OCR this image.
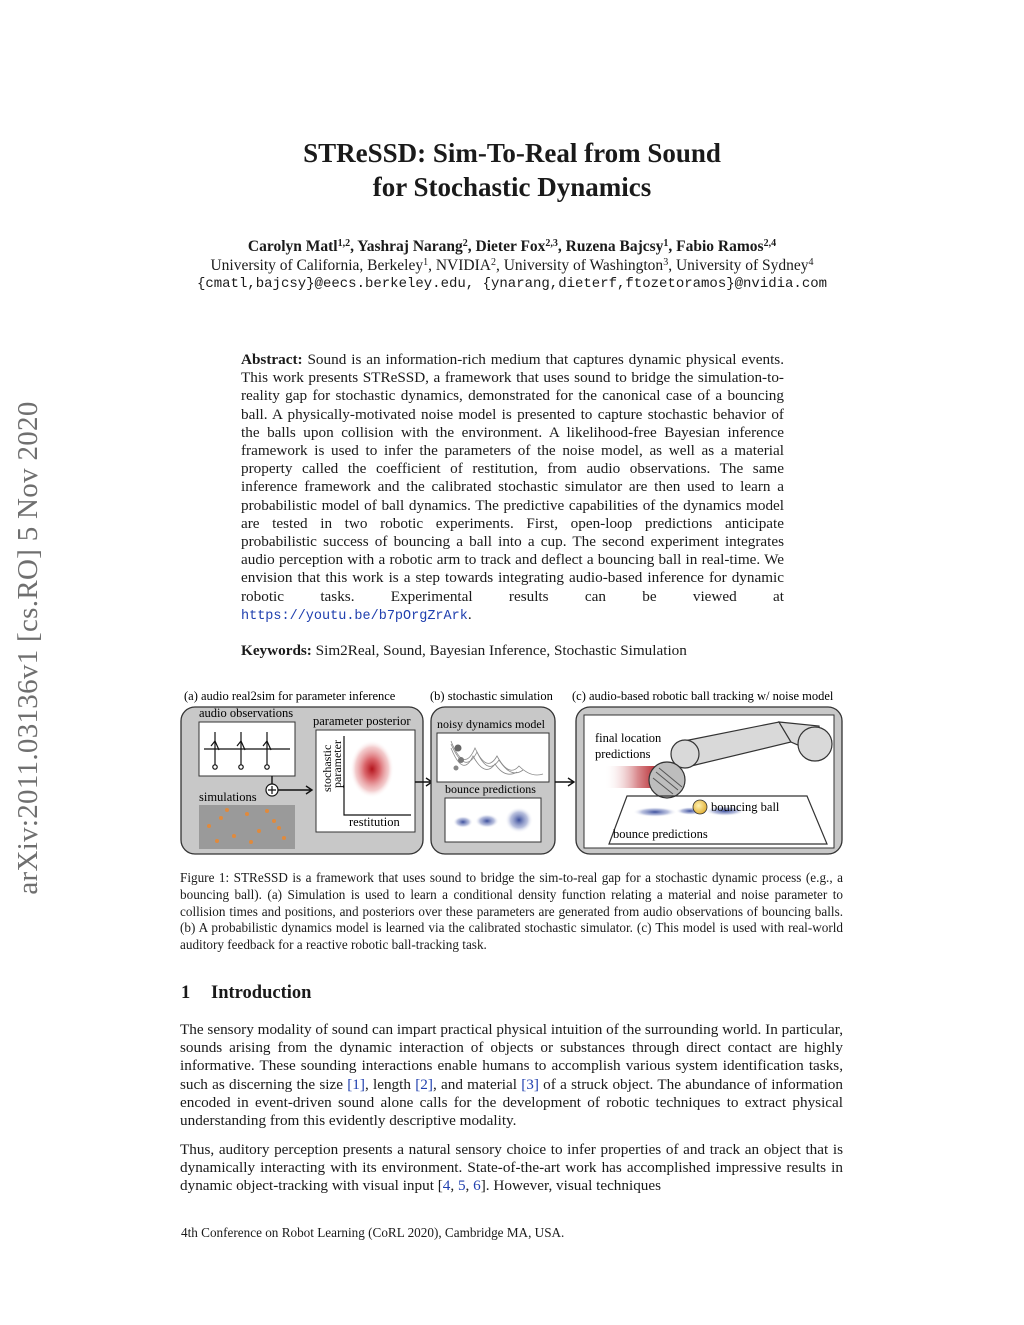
arXiv:2011.03136v1 [cs.RO] 5 Nov 2020
STReSSD: Sim-To-Real from Sound
for Stochastic Dynamics
Carolyn Matl$^{1,2}$, Yashraj Narang$^2$, Dieter Fox$^{2,3}$, Ruzena Bajcsy$^1$, Fabio Ramos$^{2,4}$
University of California, Berkeley$^1$, NVIDIA$^2$, University of Washington$^3$, University of Sydney$^4$
{cmatl,bajcsy}@eecs.berkeley.edu, {ynarang,dieterf,ftozetoramos}@nvidia.com
Abstract: Sound is an information-rich medium that captures dynamic physical events. This work presents STReSSD, a framework that uses sound to bridge the simulation-to-reality gap for stochastic dynamics, demonstrated for the canonical case of a bouncing ball. A physically-motivated noise model is presented to capture stochastic behavior of the balls upon collision with the environment. A likelihood-free Bayesian inference framework is used to infer the parameters of the noise model, as well as a material property called the coefficient of restitution, from audio observations. The same inference framework and the calibrated stochastic simulator are then used to learn a probabilistic model of ball dynamics. The predictive capabilities of the dynamics model are tested in two robotic experiments. First, open-loop predictions anticipate probabilistic success of bouncing a ball into a cup. The second experiment integrates audio perception with a robotic arm to track and deflect a bouncing ball in real-time. We envision that this work is a step towards integrating audio-based inference for dynamic robotic tasks. Experimental results can be viewed at https://youtu.be/b7pOrgZrArk.
Keywords: Sim2Real, Sound, Bayesian Inference, Stochastic Simulation
(a) audio real2sim for parameter inference	(b) stochastic simulation (c) audio-based robotic ball tracking w/ noise model
audio observations
simulations
parameter posterior
stochastic
parameter
restitution
noisy dynamics model
bounce predictions
final location
predictions
bouncing ball
bounce predictions
Figure 1: STReSSD is a framework that uses sound to bridge the sim-to-real gap for a stochastic dynamic process (e.g., a bouncing ball). (a) Simulation is used to learn a conditional density function relating a material and noise parameter to collision times and positions, and posteriors over these parameters are generated from audio observations of bouncing balls. (b) A probabilistic dynamics model is learned via the calibrated stochastic simulator. (c) This model is used with real-world auditory feedback for a reactive robotic ball-tracking task.
1 Introduction
The sensory modality of sound can impart practical physical intuition of the surrounding world. In particular, sounds arising from the dynamic interaction of objects or substances through direct contact are highly informative. These sounding interactions enable humans to accomplish various system identification tasks, such as discerning the size [1], length [2], and material [3] of a struck object. The abundance of information encoded in event-driven sound alone calls for the development of robotic techniques to extract physical understanding from this evidently descriptive modality.
Thus, auditory perception presents a natural sensory choice to infer properties of and track an object that is dynamically interacting with its environment. State-of-the-art work has accomplished impressive results in dynamic object-tracking with visual input [4, 5, 6]. However, visual techniques
4th Conference on Robot Learning (CoRL 2020), Cambridge MA, USA.
